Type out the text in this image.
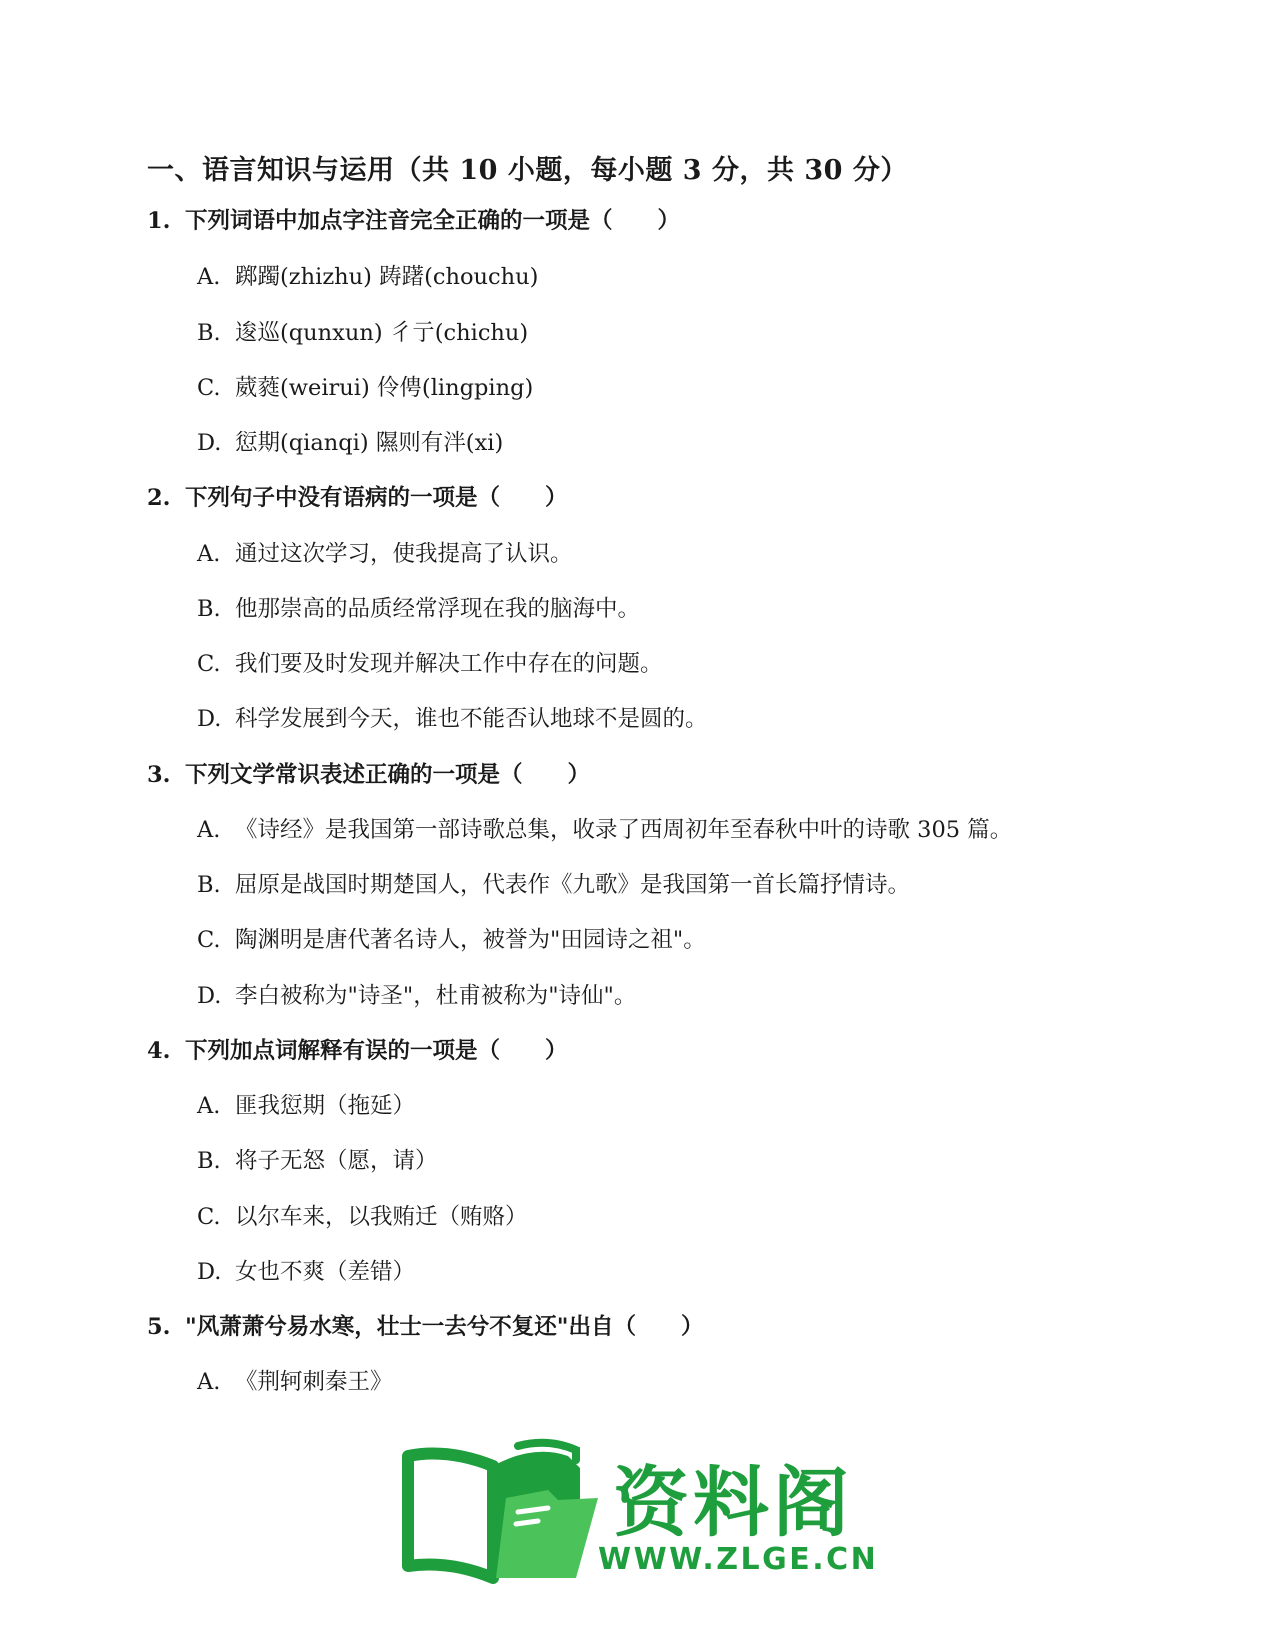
一、语言知识与运用（共 10 小题，每小题 3 分，共 30 分）
1. 下列词语中加点字注音完全正确的一项是（　　）
A. 踯躅(zhizhu) 踌躇(chouchu)
B. 逡巡(qunxun) 彳亍(chichu)
C. 葳蕤(weirui) 伶俜(lingping)
D. 愆期(qianqi) 隰则有泮(xi)
2. 下列句子中没有语病的一项是（　　）
A. 通过这次学习，使我提高了认识。
B. 他那崇高的品质经常浮现在我的脑海中。
C. 我们要及时发现并解决工作中存在的问题。
D. 科学发展到今天，谁也不能否认地球不是圆的。
3. 下列文学常识表述正确的一项是（　　）
A. 《诗经》是我国第一部诗歌总集，收录了西周初年至春秋中叶的诗歌 305 篇。
B. 屈原是战国时期楚国人，代表作《九歌》是我国第一首长篇抒情诗。
C. 陶渊明是唐代著名诗人，被誉为"田园诗之祖"。
D. 李白被称为"诗圣"，杜甫被称为"诗仙"。
4. 下列加点词解释有误的一项是（　　）
A. 匪我愆期（拖延）
B. 将子无怒（愿，请）
C. 以尔车来，以我贿迁（贿赂）
D. 女也不爽（差错）
5. "风萧萧兮易水寒，壮士一去兮不复还"出自（　　）
A. 《荆轲刺秦王》
资料阁
WWW.ZLGE.CN
